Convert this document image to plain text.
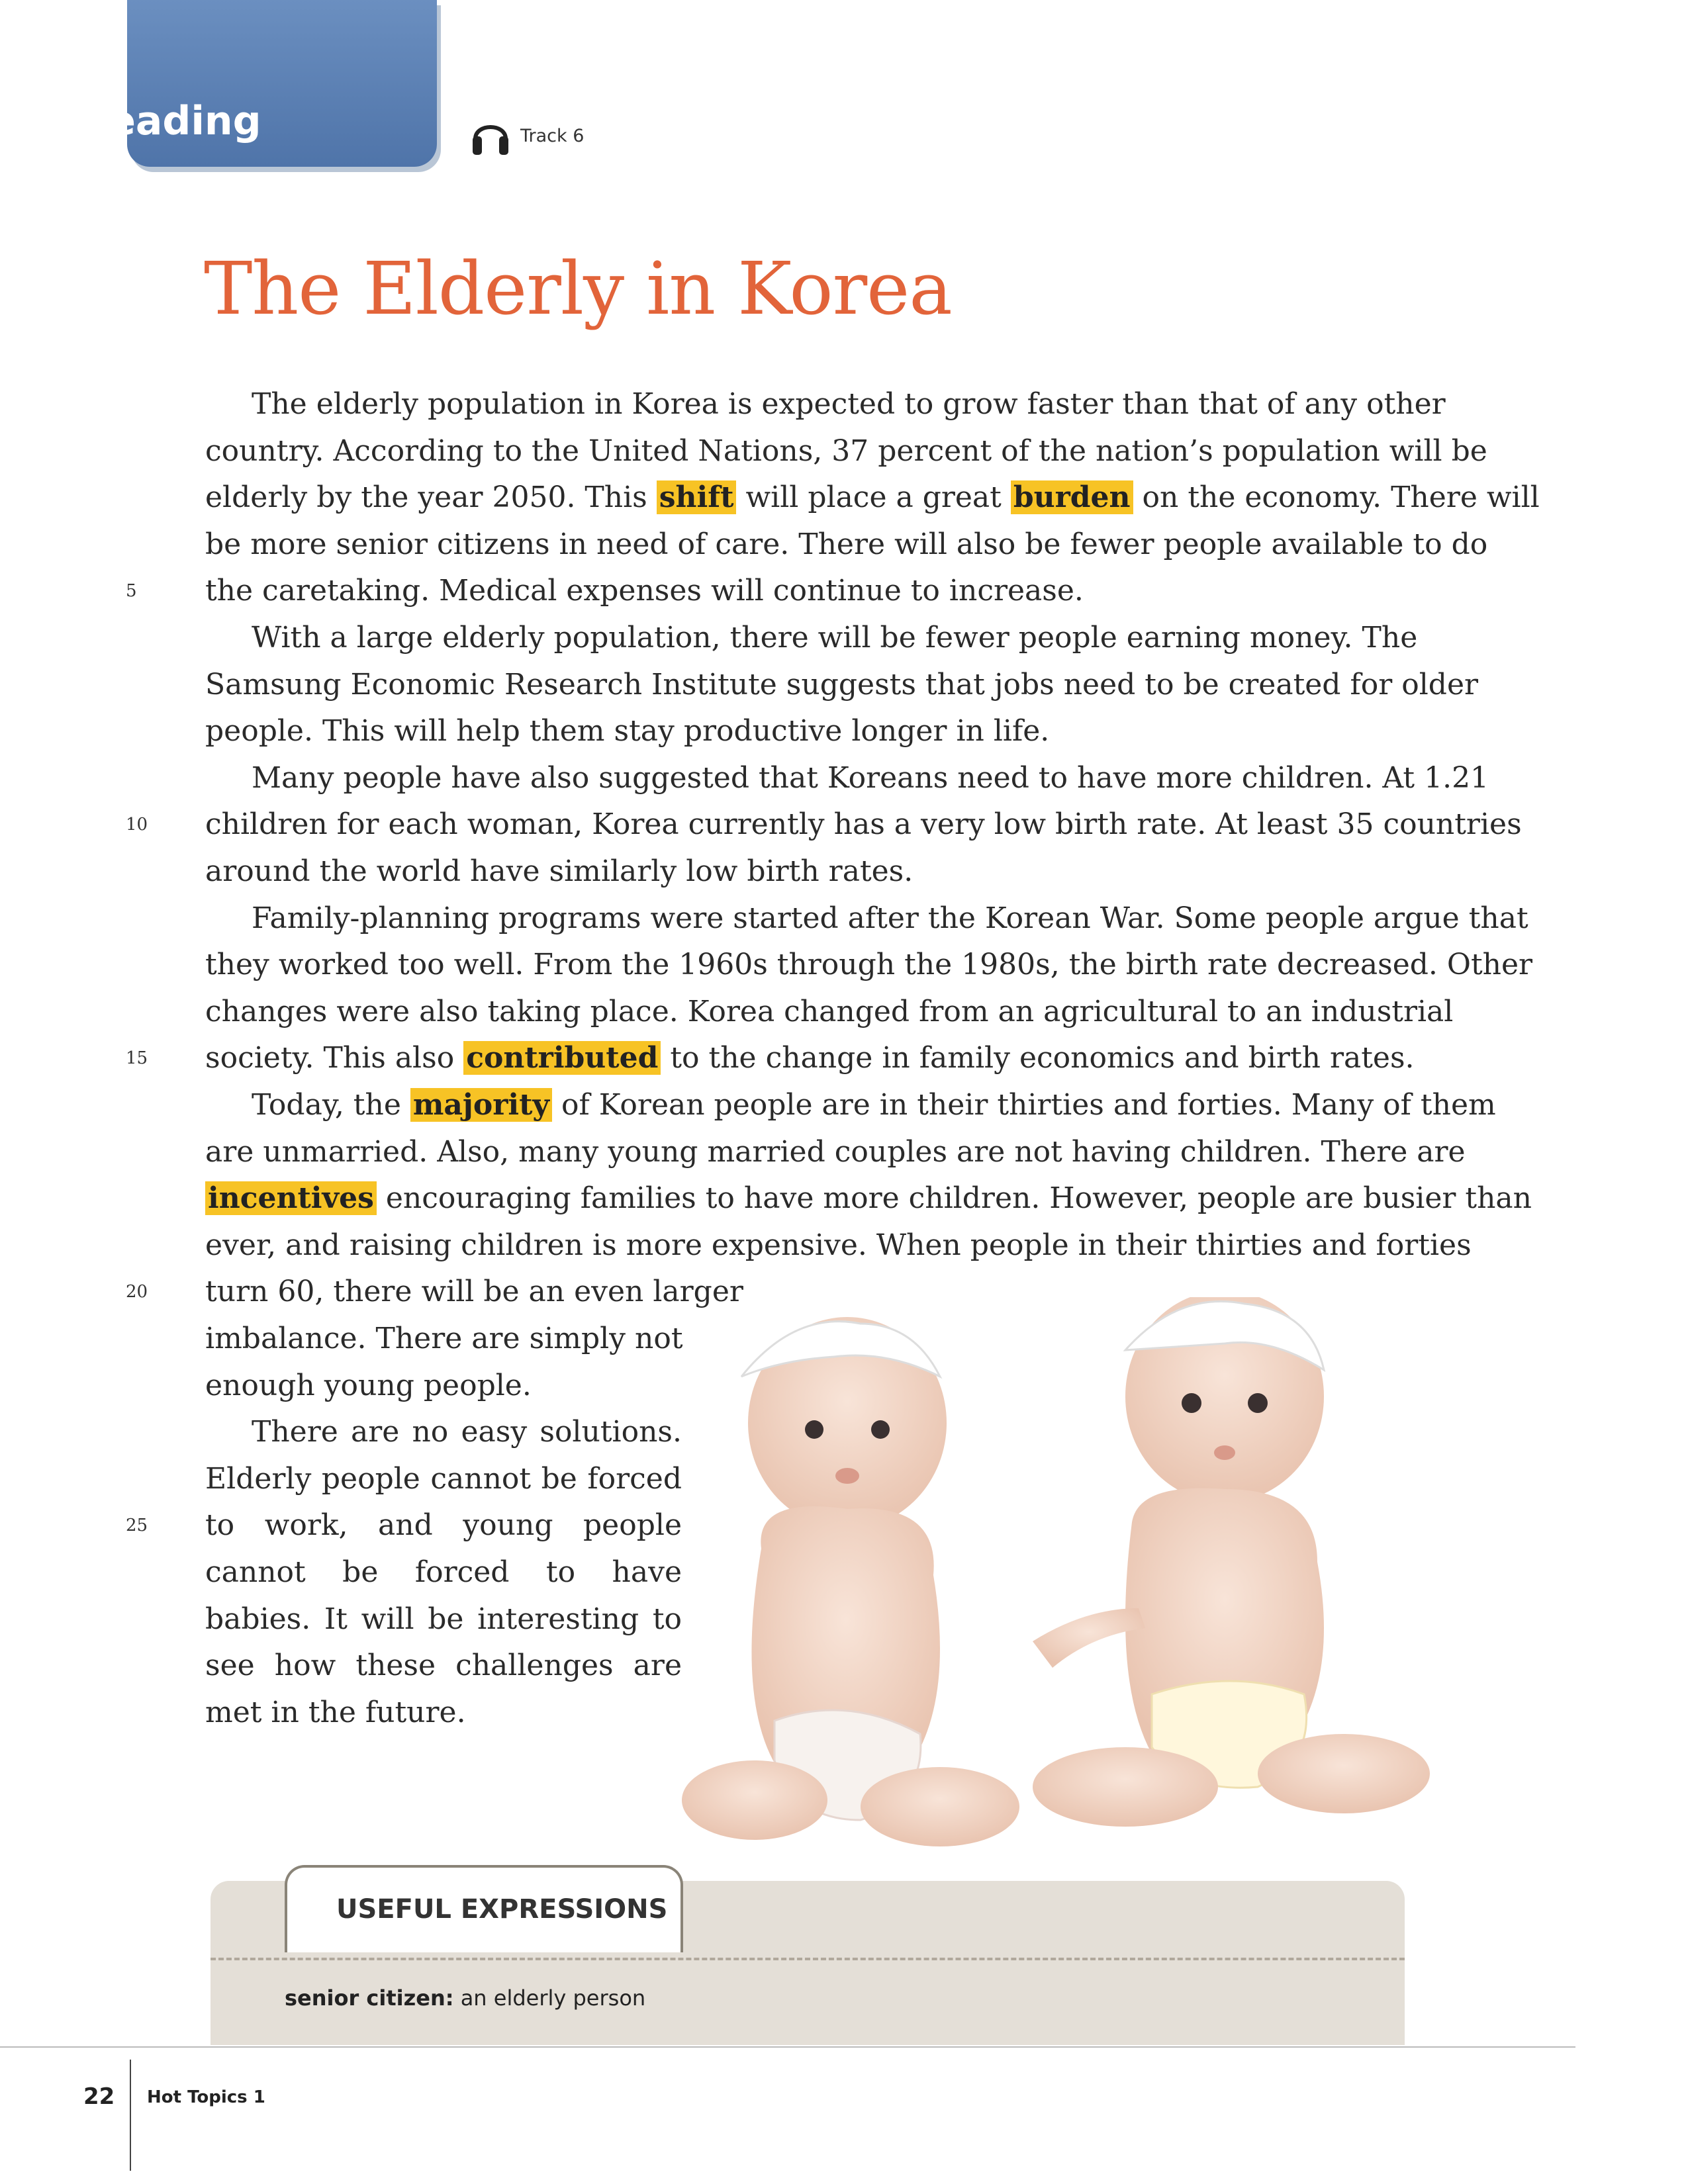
Reading	Track 6
The Elderly in Korea
The elderly population in Korea is expected to grow faster than that of any other
country. According to the United Nations, 37 percent of the nation’s population will be
elderly by the year 2050. This shift will place a great burden on the economy. There will
be more senior citizens in need of care. There will also be fewer people available to do
the caretaking. Medical expenses will continue to increase.
5
With a large elderly population, there will be fewer people earning money. The
Samsung Economic Research Institute suggests that jobs need to be created for older
people. This will help them stay productive longer in life.
Many people have also suggested that Koreans need to have more children. At 1.21
children for each woman, Korea currently has a very low birth rate. At least 35 countries
10
around the world have similarly low birth rates.
Family-planning programs were started after the Korean War. Some people argue that
they worked too well. From the 1960s through the 1980s, the birth rate decreased. Other
changes were also taking place. Korea changed from an agricultural to an industrial
society. This also contributed to the change in family economics and birth rates.
15
Today, the majority of Korean people are in their thirties and forties. Many of them
are unmarried. Also, many young married couples are not having children. There are
incentives encouraging families to have more children. However, people are busier than
ever, and raising children is more expensive. When people in their thirties and forties
turn 60, there will be an even larger
20
imbalance. There are simply not
enough young people.
There are no easy solutions.
Elderly people cannot be forced
to work, and young people
25
cannot be forced to have
babies. It will be interesting to
see how these challenges are
met in the future.
USEFUL EXPRESSIONS
senior citizen: an elderly person
22 Hot Topics 1
